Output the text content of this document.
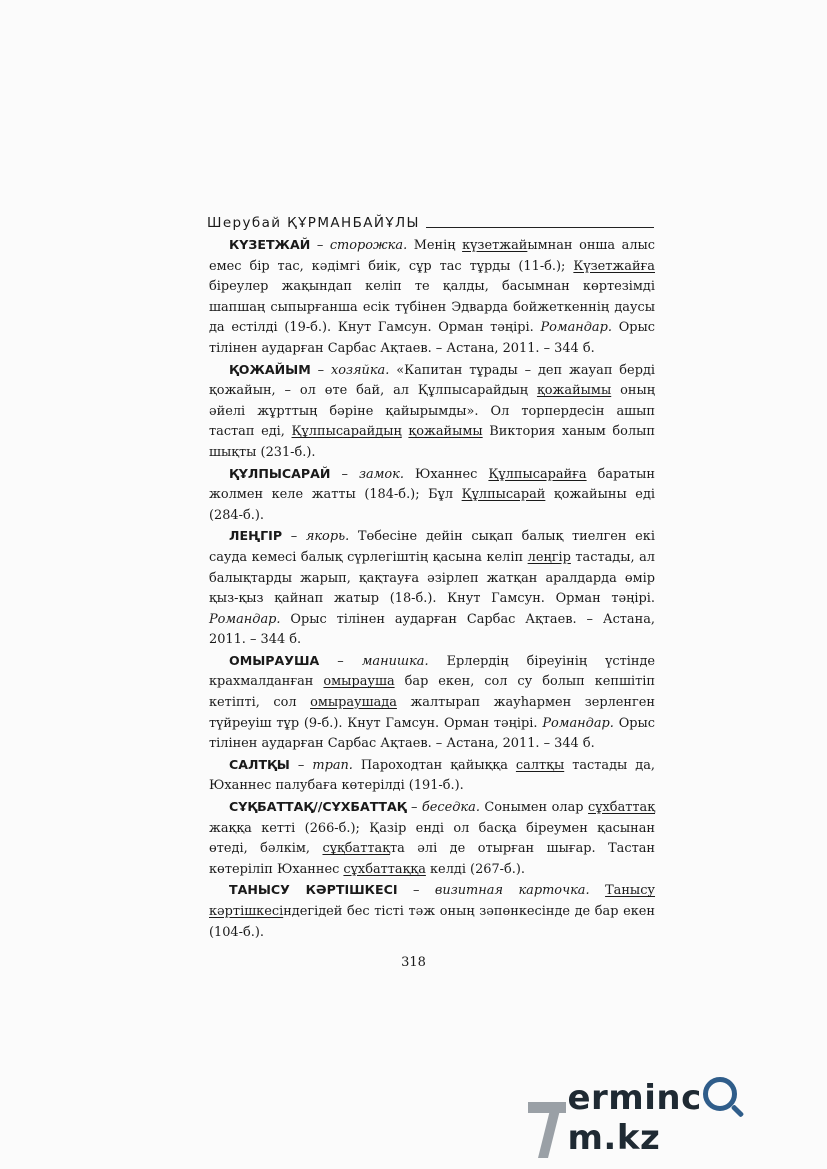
Шерубай ҚҰРМАНБАЙҰЛЫ

КҮЗЕТЖАЙ – сторожка. Менің күзетжайымнан онша алыс емес бір тас, кәдімгі биік, сұр тас тұрды (11-б.); Күзетжайға біреулер жақындап келіп те қалды, басымнан көртезімді шапшаң сыпырғанша есік түбінен Эдварда бойжеткеннің даусы да естілді (19-б.). Кнут Гамсун. Орман тәңірі. Романдар. Орыс тілінен аударған Сарбас Ақтаев. – Астана, 2011. – 344 б.

ҚОЖАЙЫМ – хозяйка. «Капитан тұрады – деп жауап берді қожайын, – ол өте бай, ал Құлпысарайдың қожайымы оның әйелі жұрттың бәріне қайырымды». Ол торпердесін ашып тастап еді, Құлпысарайдың қожайымы Виктория ханым болып шықты (231-б.).

ҚҰЛПЫСАРАЙ – замок. Юханнес Құлпысарайға баратын жолмен келе жатты (184-б.); Бұл Құлпысарай қожайыны еді (284-б.).

ЛЕҢГІР – якорь. Төбесіне дейін сықап балық тиелген екі сауда кемесі балық сүрлегіштің қасына келіп леңгір тастады, ал балықтарды жарып, қақтауға әзірлеп жатқан аралдарда өмір қыз-қыз қайнап жатыр (18-б.). Кнут Гамсун. Орман тәңірі. Романдар. Орыс тілінен аударған Сарбас Ақтаев. – Астана, 2011. – 344 б.

ОМЫРАУША – манишка. Ерлердің біреуінің үстінде крахмалданған омырауша бар екен, сол су болып кепшітіп кетіпті, сол омыраушада жалтырап жауһармен зерленген түйреуіш тұр (9-б.). Кнут Гамсун. Орман тәңірі. Романдар. Орыс тілінен аударған Сарбас Ақтаев. – Астана, 2011. – 344 б.

САЛТҚЫ – трап. Пароходтан қайыққа салтқы тастады да, Юханнес палубаға көтерілді (191-б.).

СҰҚБАТТАҚ//СҰХБАТТАҚ – беседка. Сонымен олар сұхбаттақ жаққа кетті (266-б.); Қазір енді ол басқа біреумен қасынан өтеді, бәлкім, сұқбаттақта әлі де отырған шығар. Тастан көтеріліп Юханнес сұхбаттаққа келді (267-б.).

ТАНЫСУ КӘРТІШКЕСІ – визитная карточка. Танысу кәртішкесіндегідей бес тісті тәж оның зәпөнкесінде де бар екен (104-б.).

318
ermincm.kz
